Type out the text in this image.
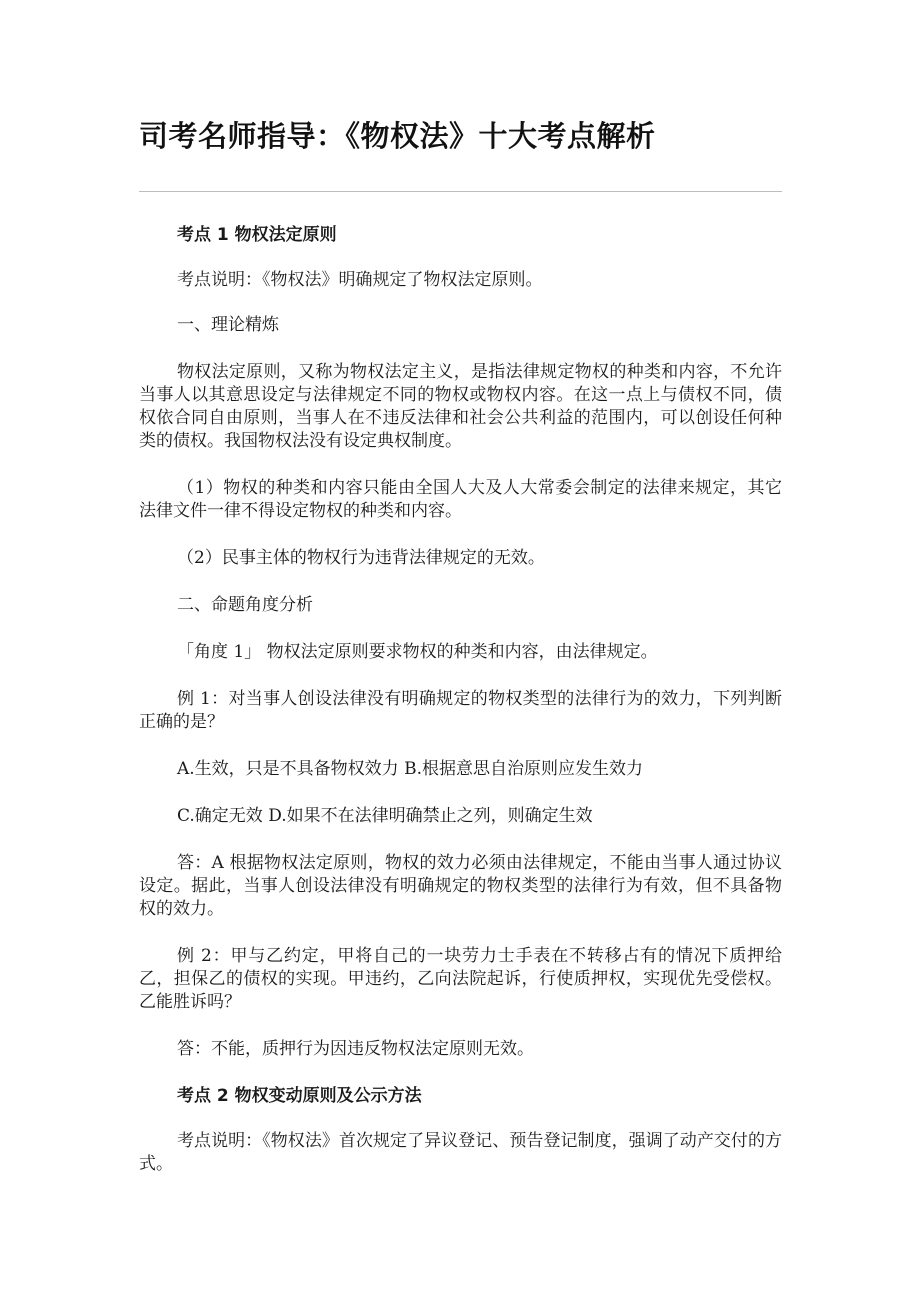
司考名师指导：《物权法》十大考点解析

考点 1 物权法定原则

考点说明：《物权法》明确规定了物权法定原则。

一、理论精炼

物权法定原则，又称为物权法定主义，是指法律规定物权的种类和内容，不允许当事人以其意思设定与法律规定不同的物权或物权内容。在这一点上与债权不同，债权依合同自由原则，当事人在不违反法律和社会公共利益的范围内，可以创设任何种类的债权。我国物权法没有设定典权制度。

（1）物权的种类和内容只能由全国人大及人大常委会制定的法律来规定，其它法律文件一律不得设定物权的种类和内容。

（2）民事主体的物权行为违背法律规定的无效。

二、命题角度分析

「角度 1」 物权法定原则要求物权的种类和内容，由法律规定。

例 1：对当事人创设法律没有明确规定的物权类型的法律行为的效力，下列判断正确的是？

A.生效，只是不具备物权效力 B.根据意思自治原则应发生效力

C.确定无效 D.如果不在法律明确禁止之列，则确定生效

答：A 根据物权法定原则，物权的效力必须由法律规定，不能由当事人通过协议设定。据此，当事人创设法律没有明确规定的物权类型的法律行为有效，但不具备物权的效力。

例 2：甲与乙约定，甲将自己的一块劳力士手表在不转移占有的情况下质押给乙，担保乙的债权的实现。甲违约，乙向法院起诉，行使质押权，实现优先受偿权。乙能胜诉吗？

答：不能，质押行为因违反物权法定原则无效。

考点 2 物权变动原则及公示方法

考点说明：《物权法》首次规定了异议登记、预告登记制度，强调了动产交付的方式。
